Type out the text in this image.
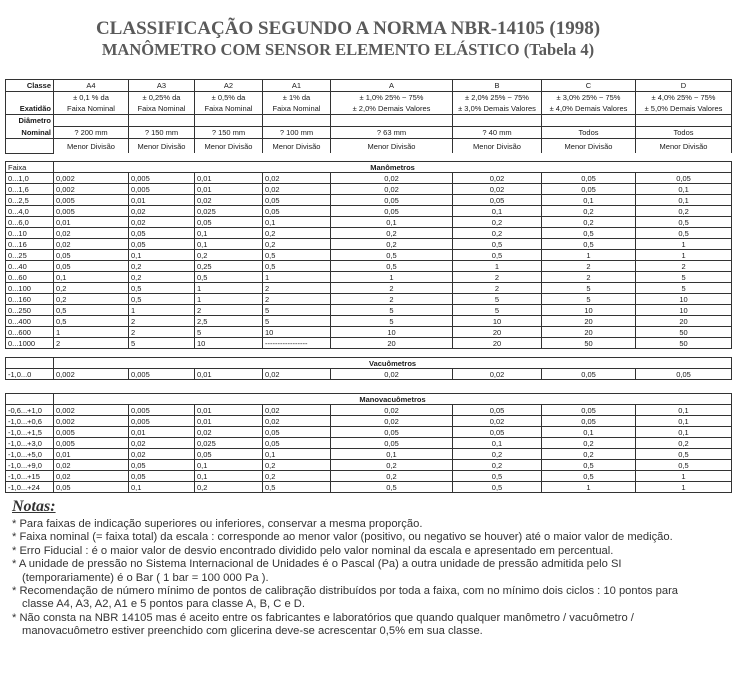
CLASSIFICAÇÃO SEGUNDO A NORMA NBR-14105 (1998)
MANÔMETRO COM SENSOR ELEMENTO ELÁSTICO (Tabela 4)
Classe	A4	A3	A2	A1	A	B	C	D
	± 0,1 % da	± 0,25% da	± 0,5% da	± 1% da	± 1,0% 25% ~ 75%	± 2,0% 25% ~ 75%	± 3,0% 25% ~ 75%	± 4,0% 25% ~ 75%
Exatidão	Faixa Nominal	Faixa Nominal	Faixa Nominal	Faixa Nominal	± 2,0% Demais Valores	± 3,0% Demais Valores	± 4,0% Demais Valores	± 5,0% Demais Valores
Diâmetro								
Nominal	? 200 mm	? 150 mm	? 150 mm	? 100 mm	? 63 mm	? 40 mm	Todos	Todos
	Menor Divisão	Menor Divisão	Menor Divisão	Menor Divisão	Menor Divisão	Menor Divisão	Menor Divisão	Menor Divisão
Faixa	Manômetros							
0...1,0	0,002	0,005	0,01	0,02	0,02	0,02	0,05	0,05
0...1,6	0,002	0,005	0,01	0,02	0,02	0,02	0,05	0,1
0...2,5	0,005	0,01	0,02	0,05	0,05	0,05	0,1	0,1
0...4,0	0,005	0,02	0,025	0,05	0,05	0,1	0,2	0,2
0...6,0	0,01	0,02	0,05	0,1	0,1	0,2	0,2	0,5
0...10	0,02	0,05	0,1	0,2	0,2	0,2	0,5	0,5
0...16	0,02	0,05	0,1	0,2	0,2	0,5	0,5	1
0...25	0,05	0,1	0,2	0,5	0,5	0,5	1	1
0...40	0,05	0,2	0,25	0,5	0,5	1	2	2
0...60	0,1	0,2	0,5	1	1	2	2	5
0...100	0,2	0,5	1	2	2	2	5	5
0...160	0,2	0,5	1	2	2	5	5	10
0...250	0,5	1	2	5	5	5	10	10
0...400	0,5	2	2,5	5	5	10	20	20
0...600	1	2	5	10	10	20	20	50
0...1000	2	5	10	-----------------	20	20	50	50
	Vacuômetros							
-1,0...0	0,002	0,005	0,01	0,02	0,02	0,02	0,05	0,05
	Manovacuômetros							
-0,6...+1,0	0,002	0,005	0,01	0,02	0,02	0,05	0,05	0,1
-1,0...+0,6	0,002	0,005	0,01	0,02	0,02	0,02	0,05	0,1
-1,0...+1,5	0,005	0,01	0,02	0,05	0,05	0,05	0,1	0,1
-1,0...+3,0	0,005	0,02	0,025	0,05	0,05	0,1	0,2	0,2
-1,0...+5,0	0,01	0,02	0,05	0,1	0,1	0,2	0,2	0,5
-1,0...+9,0	0,02	0,05	0,1	0,2	0,2	0,2	0,5	0,5
-1,0...+15	0,02	0,05	0,1	0,2	0,2	0,5	0,5	1
-1,0...+24	0,05	0,1	0,2	0,5	0,5	0,5	1	1
Notas:
* Para faixas de indicação superiores ou inferiores, conservar a mesma proporção.
* Faixa nominal (= faixa total) da escala : corresponde ao menor valor (positivo, ou negativo se houver) até o maior valor de medição.
* Erro Fiducial : é o maior valor de desvio encontrado dividido pelo valor nominal da escala e apresentado em percentual.
* A unidade de pressão no Sistema Internacional de Unidades é o Pascal (Pa) a outra unidade de pressão admitida pelo SI (temporariamente) é o Bar ( 1 bar = 100 000 Pa ).
* Recomendação de número mínimo de pontos de calibração distribuídos por toda a faixa, com no mínimo dois ciclos : 10 pontos para classe A4, A3, A2, A1 e 5 pontos para classe A, B, C e D.
* Não consta na NBR 14105 mas é aceito entre os fabricantes e laboratórios que quando qualquer manômetro / vacuômetro / manovacuômetro estiver preenchido com glicerina deve-se acrescentar 0,5% em sua classe.
